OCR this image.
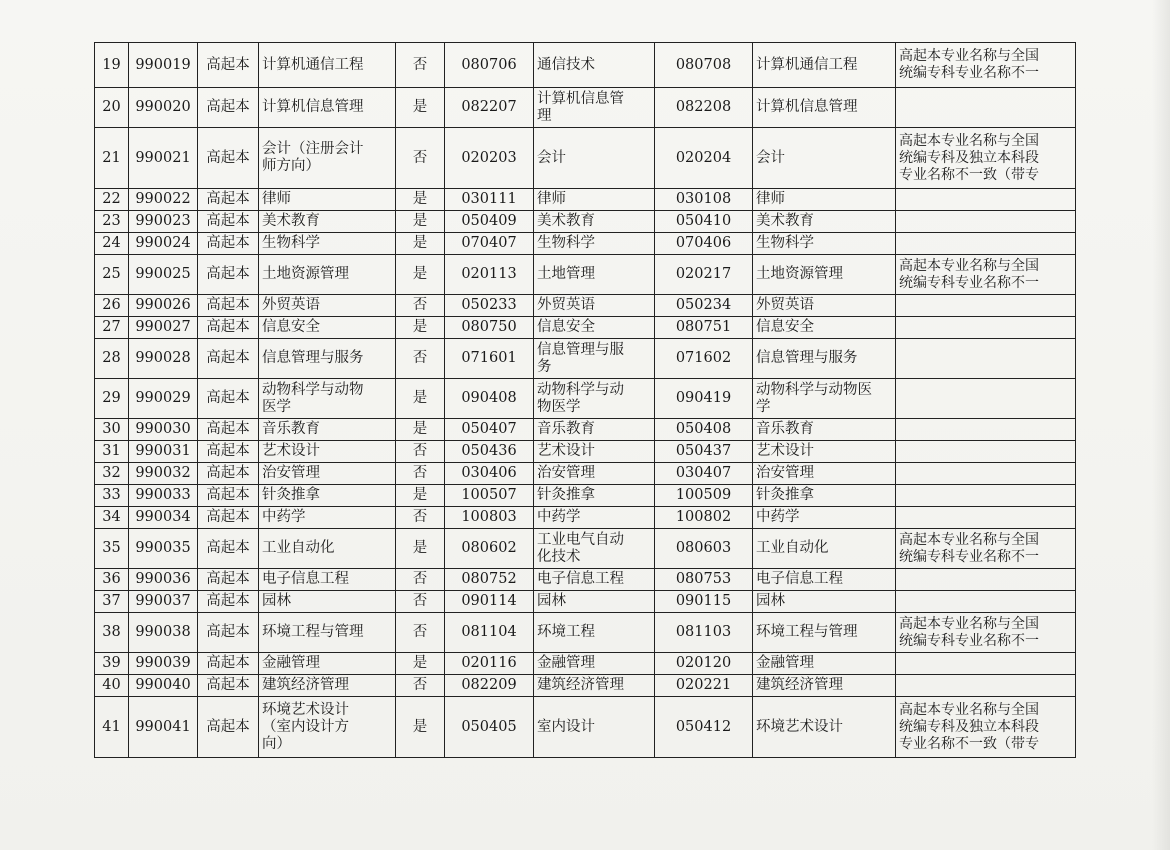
19	990019	高起本	计算机通信工程	否	080706	通信技术	080708	计算机通信工程	高起本专业名称与全国
统编专科专业名称不一
20	990020	高起本	计算机信息管理	是	082207	计算机信息管
理	082208	计算机信息管理	
21	990021	高起本	会计（注册会计
师方向）	否	020203	会计	020204	会计	高起本专业名称与全国
统编专科及独立本科段
专业名称不一致（带专
22	990022	高起本	律师	是	030111	律师	030108	律师	
23	990023	高起本	美术教育	是	050409	美术教育	050410	美术教育	
24	990024	高起本	生物科学	是	070407	生物科学	070406	生物科学	
25	990025	高起本	土地资源管理	是	020113	土地管理	020217	土地资源管理	高起本专业名称与全国
统编专科专业名称不一
26	990026	高起本	外贸英语	否	050233	外贸英语	050234	外贸英语	
27	990027	高起本	信息安全	是	080750	信息安全	080751	信息安全	
28	990028	高起本	信息管理与服务	否	071601	信息管理与服
务	071602	信息管理与服务	
29	990029	高起本	动物科学与动物
医学	是	090408	动物科学与动
物医学	090419	动物科学与动物医
学	
30	990030	高起本	音乐教育	是	050407	音乐教育	050408	音乐教育	
31	990031	高起本	艺术设计	否	050436	艺术设计	050437	艺术设计	
32	990032	高起本	治安管理	否	030406	治安管理	030407	治安管理	
33	990033	高起本	针灸推拿	是	100507	针灸推拿	100509	针灸推拿	
34	990034	高起本	中药学	否	100803	中药学	100802	中药学	
35	990035	高起本	工业自动化	是	080602	工业电气自动
化技术	080603	工业自动化	高起本专业名称与全国
统编专科专业名称不一
36	990036	高起本	电子信息工程	否	080752	电子信息工程	080753	电子信息工程	
37	990037	高起本	园林	否	090114	园林	090115	园林	
38	990038	高起本	环境工程与管理	否	081104	环境工程	081103	环境工程与管理	高起本专业名称与全国
统编专科专业名称不一
39	990039	高起本	金融管理	是	020116	金融管理	020120	金融管理	
40	990040	高起本	建筑经济管理	否	082209	建筑经济管理	020221	建筑经济管理	
41	990041	高起本	环境艺术设计
（室内设计方
向）	是	050405	室内设计	050412	环境艺术设计	高起本专业名称与全国
统编专科及独立本科段
专业名称不一致（带专
